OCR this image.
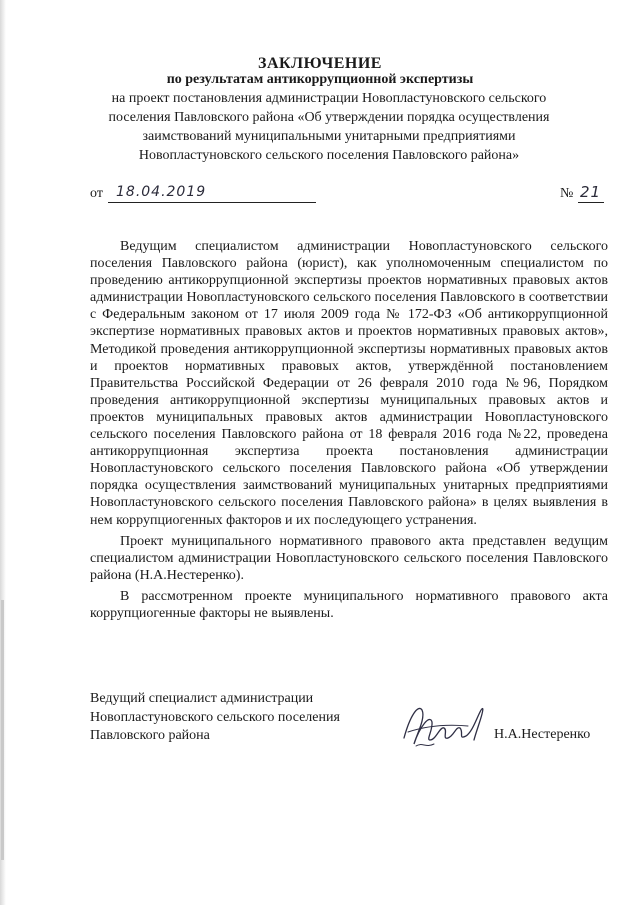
ЗАКЛЮЧЕНИЕ
по результатам антикоррупционной экспертизы
на проект постановления администрации Новопластуновского сельского поселения Павловского района «Об утверждении порядка осуществления заимствований муниципальными унитарными предприятиями Новопластуновского сельского поселения Павловского района»
от 18.04.2019	№ 21

Ведущим специалистом администрации Новопластуновского сельского поселения Павловского района (юрист), как уполномоченным специалистом по проведению антикоррупционной экспертизы проектов нормативных правовых актов администрации Новопластуновского сельского поселения Павловского в соответствии с Федеральным законом от 17 июля 2009 года № 172-ФЗ «Об антикоррупционной экспертизе нормативных правовых актов и проектов нормативных правовых актов», Методикой проведения антикоррупционной экспертизы нормативных правовых актов и проектов нормативных правовых актов, утверждённой постановлением Правительства Российской Федерации от 26 февраля 2010 года №96, Порядком проведения антикоррупционной экспертизы муниципальных правовых актов и проектов муниципальных правовых актов администрации Новопластуновского сельского поселения Павловского района от 18 февраля 2016 года №22, проведена антикоррупционная экспертиза проекта постановления администрации Новопластуновского сельского поселения Павловского района «Об утверждении порядка осуществления заимствований муниципальных унитарных предприятиями Новопластуновского сельского поселения Павловского района» в целях выявления в нем коррупциогенных факторов и их последующего устранения.

Проект муниципального нормативного правового акта представлен ведущим специалистом администрации Новопластуновского сельского поселения Павловского района (Н.А.Нестеренко).

В рассмотренном проекте муниципального нормативного правового акта коррупциогенные факторы не выявлены.

Ведущий специалист администрации
Новопластуновского сельского поселения
Павловского района	Н.А.Нестеренко
